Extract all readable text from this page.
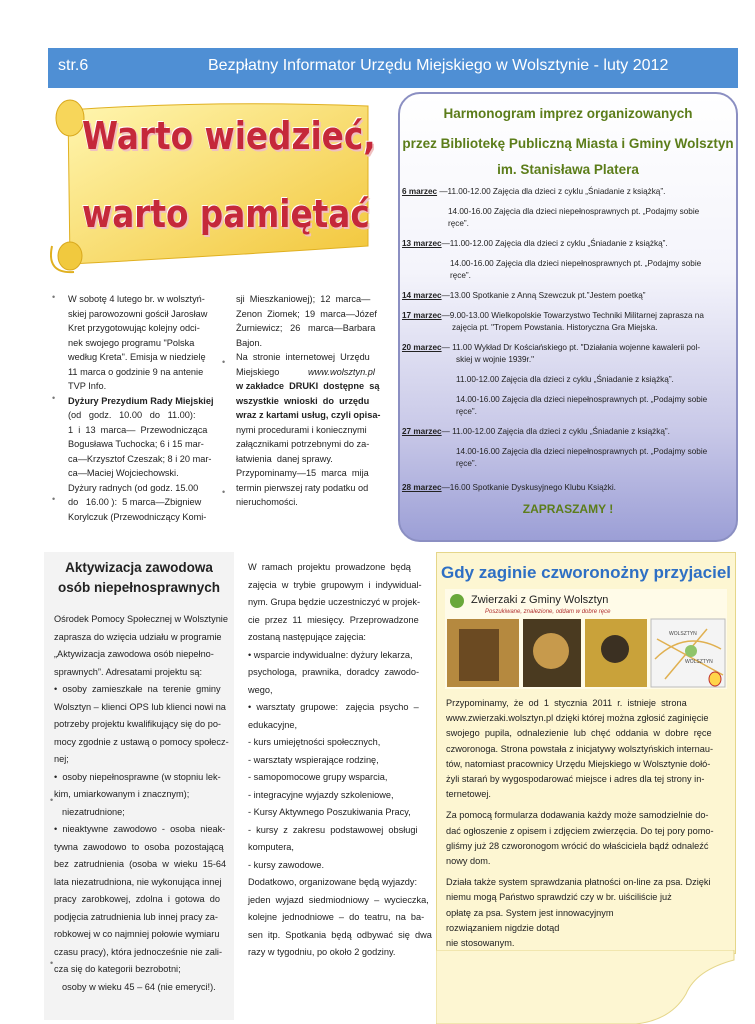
str.6	Bezpłatny Informator Urzędu Miejskiego w Wolsztynie - luty 2012
Warto wiedzieć,
warto pamiętać
Harmonogram imprez organizowanych
przez Bibliotekę Publiczną Miasta i Gminy Wolsztyn
im. Stanisława Platera
6 marzec —11.00-12.00 Zajęcia dla dzieci z cyklu „Śniadanie z książką”.
14.00-16.00 Zajęcia dla dzieci niepełnosprawnych pt. „Podajmy sobie
ręce”.
13 marzec—11.00-12.00 Zajęcia dla dzieci z cyklu „Śniadanie z książką”.
14.00-16.00 Zajęcia dla dzieci niepełnosprawnych pt. „Podajmy sobie
ręce”.
14 marzec—13.00 Spotkanie z Anną Szewczuk pt.”Jestem poetką”
17 marzec—9.00-13.00 Wielkopolskie Towarzystwo Techniki Militarnej zaprasza na
zajęcia pt. "Tropem Powstania. Historyczna Gra Miejska.
20 marzec— 11.00 Wykład Dr Kościańskiego pt. "Działania wojenne kawalerii pol-
skiej w wojnie 1939r."
11.00-12.00 Zajęcia dla dzieci z cyklu „Śniadanie z książką”.
14.00-16.00 Zajęcia dla dzieci niepełnosprawnych pt. „Podajmy sobie
ręce”.
27 marzec— 11.00-12.00 Zajęcia dla dzieci z cyklu „Śniadanie z książką”.
14.00-16.00 Zajęcia dla dzieci niepełnosprawnych pt. „Podajmy sobie
ręce”.
28 marzec—16.00 Spotkanie Dyskusyjnego Klubu Książki.
ZAPRASZAMY !
W sobotę 4 lutego br. w wolsztyń-
skiej parowozowni gościł Jarosław
Kret przygotowując kolejny odci-
nek swojego programu "Polska
według Kreta". Emisja w niedzielę
11 marca o godzinie 9 na antenie
TVP Info.
Dyżury Prezydium Rady Miejskiej
(od   godz.   10.00   do   11.00):
1  i  13  marca—  Przewodnicząca
Bogusława Tuchocka; 6 i 15 mar-
ca—Krzysztof Czeszak; 8 i 20 mar-
ca—Maciej Wojciechowski.
Dyżury radnych (od godz. 15.00
do   16.00 ):  5 marca—Zbigniew
Korylczuk (Przewodniczący Komi-
sji  Mieszkaniowej);  12  marca—
Zenon  Ziomek;  19  marca—Józef
Żurniewicz;   26   marca—Barbara
Bajon.
Na  stronie  internetowej  Urzędu
Miejskiego	www.wolsztyn.pl
w zakładce  DRUKI  dostępne  są
wszystkie  wnioski  do  urzędu
wraz z kartami usług, czyli opisa-
nymi procedurami i koniecznymi
załącznikami potrzebnymi do za-
łatwienia  danej sprawy.
Przypominamy—15  marca  mija
termin pierwszej raty podatku od
nieruchomości.
Aktywizacja zawodowa
osób niepełnosprawnych
Ośrodek Pomocy Społecznej w Wolsztynie
zaprasza do wzięcia udziału w programie
„Aktywizacja zawodowa osób niepełno-
sprawnych”. Adresatami projektu są:
•  osoby  zamieszkałe  na  terenie  gminy
Wolsztyn – klienci OPS lub klienci nowi na
potrzeby projektu kwalifikujący się do po-
mocy zgodnie z ustawą o pomocy społecz-
nej;
•  osoby niepełnosprawne (w stopniu lek-
kim, umiarkowanym i znacznym);
niezatrudnione;
•  nieaktywne  zawodowo  -  osoba  nieak-
tywna  zawodowo  to  osoba  pozostającą
bez  zatrudnienia  (osoba  w  wieku  15-64
lata niezatrudniona, nie wykonująca innej
pracy  zarobkowej,  zdolna  i  gotowa  do
podjęcia zatrudnienia lub innej pracy za-
robkowej w co najmniej połowie wymiaru
czasu pracy), która jednocześnie nie zali-
cza się do kategorii bezrobotni;
osoby w wieku 45 – 64 (nie emeryci!).
W  ramach  projektu  prowadzone  będą
zajęcia  w  trybie  grupowym  i  indywidual-
nym. Grupa będzie uczestniczyć w projek-
cie  przez  11  miesięcy.  Przeprowadzone
zostaną następujące zajęcia:
• wsparcie indywidualne: dyżury lekarza,
psychologa,  prawnika,  doradcy  zawodo-
wego,
•  warsztaty  grupowe:   zajęcia  psycho  –
edukacyjne,
- kurs umiejętności społecznych,
- warsztaty wspierające rodzinę,
- samopomocowe grupy wsparcia,
- integracyjne wyjazdy szkoleniowe,
- Kursy Aktywnego Poszukiwania Pracy,
-  kursy  z  zakresu  podstawowej  obsługi
komputera,
- kursy zawodowe.
Dodatkowo, organizowane będą wyjazdy:
jeden  wyjazd  siedmiodniowy  –  wycieczka,
kolejne  jednodniowe  –  do  teatru,  na  ba-
sen  itp.  Spotkania  będą  odbywać  się  dwa
razy w tygodniu, po około 2 godziny.
Gdy zaginie czworonożny przyjaciel
Zwierzaki z Gminy Wolsztyn
Poszukiwane, znalezione, oddam w dobre ręce
WOLSZTYN
WOLSZTYN
Przypominamy,  że  od  1  stycznia  2011  r.  istnieje  strona
www.zwierzaki.wolsztyn.pl dzięki której można zgłosić zaginięcie
swojego  pupila,  odnalezienie  lub  chęć  oddania  w  dobre  ręce
czworonoga. Strona powstała z inicjatywy wolsztyńskich internau-
tów, natomiast pracownicy Urzędu Miejskiego w Wolsztynie dołó-
żyli starań by wygospodarować miejsce i adres dla tej strony in-
ternetowej.
Za pomocą formularza dodawania każdy może samodzielnie do-
dać ogłoszenie z opisem i zdjęciem zwierzęcia. Do tej pory pomo-
gliśmy już 28 czworonogom wrócić do właściciela bądź odnaleźć
nowy dom.
Działa także system sprawdzania płatności on-line za psa. Dzięki
niemu mogą Państwo sprawdzić czy w br. uiściliście już
opłatę za psa. System jest innowacyjnym
rozwiązaniem nigdzie dotąd
nie stosowanym.
•
•
•
•
•
•
•
